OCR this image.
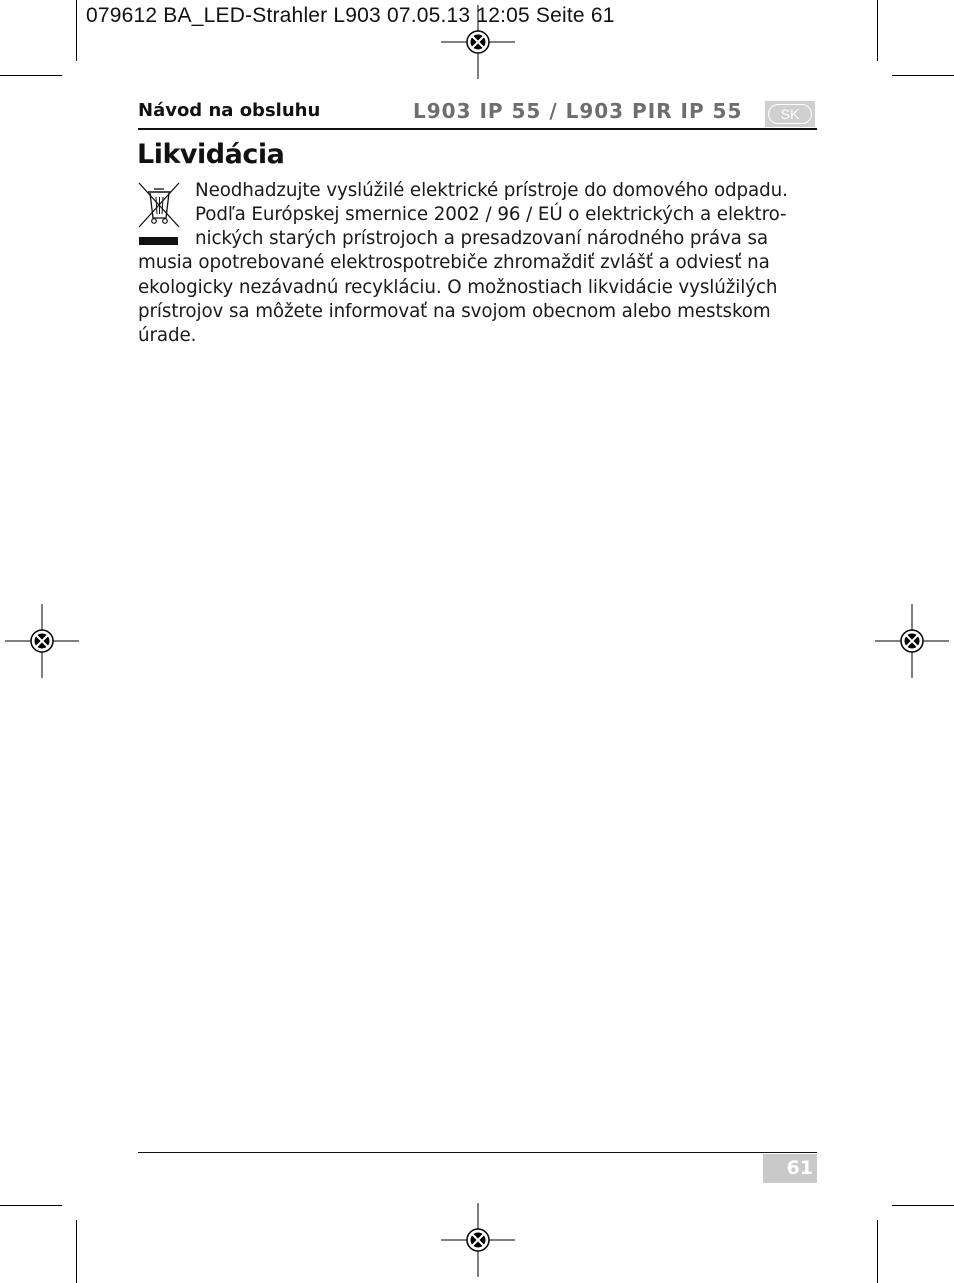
079612 BA_LED-Strahler L903 07.05.13 12:05 Seite 61
Návod na obsluhu	L903 IP 55 / L903 PIR IP 55	SK
Likvidácia
Neodhadzujte vyslúžilé elektrické prístroje do domového odpadu.
Podľa Európskej smernice 2002 / 96 / EÚ o elektrických a elektro-
nických starých prístrojoch a presadzovaní národného práva sa
musia opotrebované elektrospotrebiče zhromaždiť zvlášť a odviesť na
ekologicky nezávadnú recykláciu. O možnostiach likvidácie vyslúžilých
prístrojov sa môžete informovať na svojom obecnom alebo mestskom
úrade.
61
